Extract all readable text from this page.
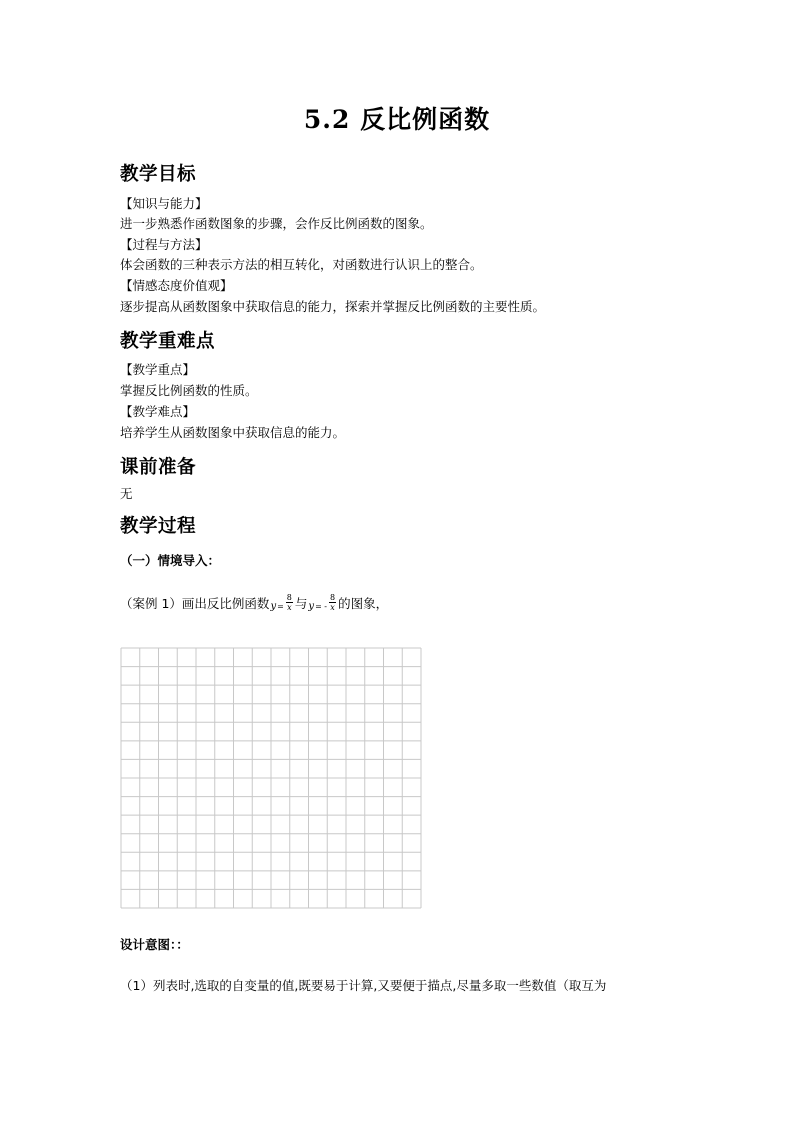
5.2 反比例函数
教学目标
【知识与能力】
进一步熟悉作函数图象的步骤，会作反比例函数的图象。
【过程与方法】
体会函数的三种表示方法的相互转化，对函数进行认识上的整合。
【情感态度价值观】
逐步提高从函数图象中获取信息的能力，探索并掌握反比例函数的主要性质。
教学重难点
【教学重点】
掌握反比例函数的性质。
【教学难点】
培养学生从函数图象中获取信息的能力。
课前准备
无
教学过程
（一）情境导入：
（案例 1）画出反比例函数 $y = \frac{8}{x}$ 与 y = - $\frac{8}{x}$ 的图象，
设计意图：：
（1）列表时,选取的自变量的值,既要易于计算,又要便于描点,尽量多取一些数值（取互为
